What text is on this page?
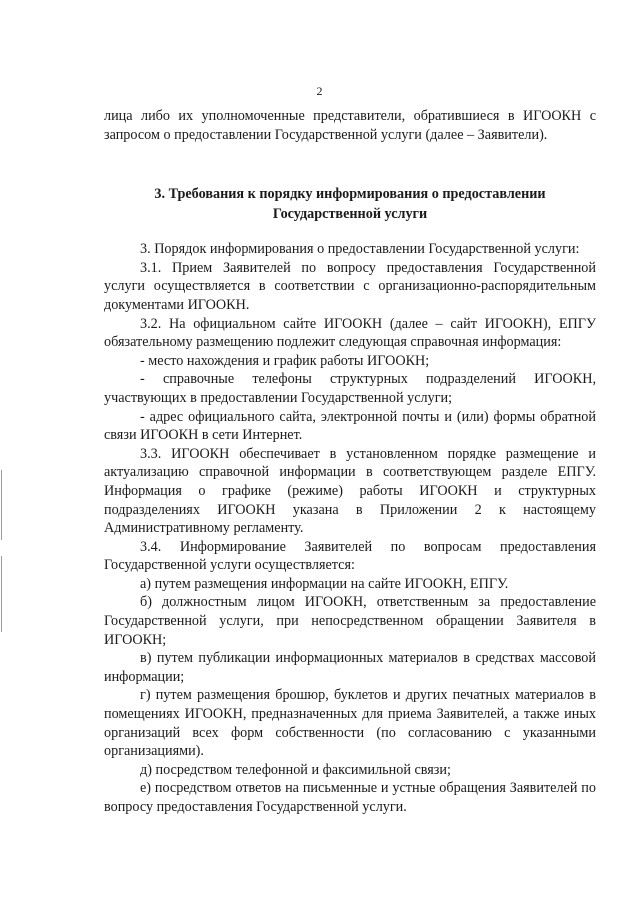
2

лица либо их уполномоченные представители, обратившиеся в ИГООКН с запросом о предоставлении Государственной услуги (далее – Заявители).

3. Требования к порядку информирования о предоставлении
Государственной услуги

3. Порядок информирования о предоставлении Государственной услуги:

3.1. Прием Заявителей по вопросу предоставления Государственной услуги осуществляется в соответствии с организационно-распорядительным документами ИГООКН.

3.2. На официальном сайте ИГООКН (далее – сайт ИГООКН), ЕПГУ обязательному размещению подлежит следующая справочная информация:

- место нахождения и график работы ИГООКН;

- справочные телефоны структурных подразделений ИГООКН, участвующих в предоставлении Государственной услуги;

- адрес официального сайта, электронной почты и (или) формы обратной связи ИГООКН в сети Интернет.

3.3. ИГООКН обеспечивает в установленном порядке размещение и актуализацию справочной информации в соответствующем разделе ЕПГУ. Информация о графике (режиме) работы ИГООКН и структурных подразделениях ИГООКН указана в Приложении 2 к настоящему Административному регламенту.

3.4. Информирование Заявителей по вопросам предоставления Государственной услуги осуществляется:

а) путем размещения информации на сайте ИГООКН, ЕПГУ.

б) должностным лицом ИГООКН, ответственным за предоставление Государственной услуги, при непосредственном обращении Заявителя в ИГООКН;

в) путем публикации информационных материалов в средствах массовой информации;

г) путем размещения брошюр, буклетов и других печатных материалов в помещениях ИГООКН, предназначенных для приема Заявителей, а также иных организаций всех форм собственности (по согласованию с указанными организациями).

д) посредством телефонной и факсимильной связи;

е) посредством ответов на письменные и устные обращения Заявителей по вопросу предоставления Государственной услуги.
